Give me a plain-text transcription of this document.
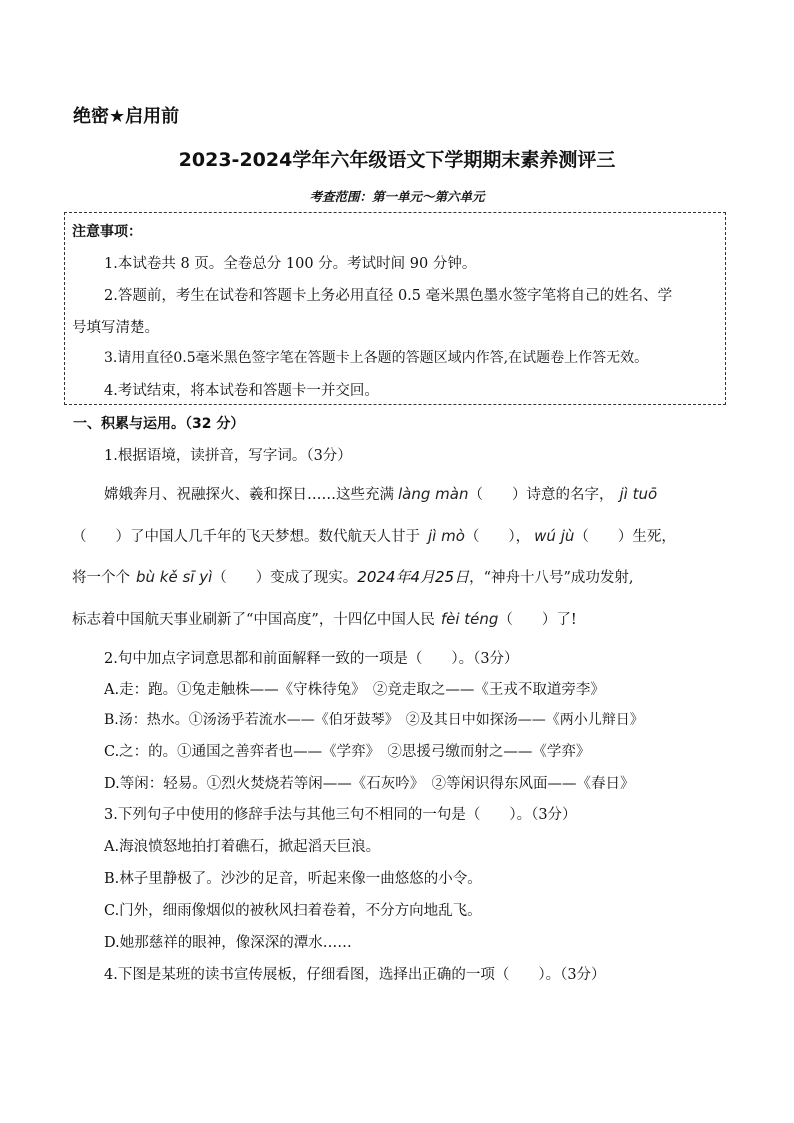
绝密★启用前
2023-2024学年六年级语文下学期期末素养测评三
考查范围：第一单元～第六单元
注意事项：
1.本试卷共 8 页。全卷总分 100 分。考试时间 90 分钟。
2.答题前，考生在试卷和答题卡上务必用直径 0.5 毫米黑色墨水签字笔将自己的姓名、学
号填写清楚。
3.请用直径0.5毫米黑色签字笔在答题卡上各题的答题区域内作答,在试题卷上作答无效。
4.考试结束，将本试卷和答题卡一并交回。
一、积累与运用。（32 分）
1.根据语境，读拼音，写字词。（3分）
嫦娥奔月、祝融探火、羲和探日……这些充满 làng màn（　　）诗意的名字， jì tuō
（　　）了中国人几千年的飞天梦想。数代航天人甘于 jì mò（　　）， wú jù（　　）生死，
将一个个 bù kě sī yì（　　）变成了现实。2024年4月25日，“神舟十八号”成功发射,
标志着中国航天事业刷新了“中国高度”，十四亿中国人民 fèi téng（　　）了!
2.句中加点字词意思都和前面解释一致的一项是（　　）。（3分）
A.走：跑。①兔走触株——《守株待兔》　②竞走取之——《王戎不取道旁李》
B.汤：热水。①汤汤乎若流水——《伯牙鼓琴》　②及其日中如探汤——《两小儿辩日》
C.之：的。①通国之善弈者也——《学弈》　②思援弓缴而射之——《学弈》
D.等闲：轻易。①烈火焚烧若等闲——《石灰吟》　②等闲识得东风面——《春日》
3.下列句子中使用的修辞手法与其他三句不相同的一句是（　　）。（3分）
A.海浪愤怒地拍打着礁石，掀起滔天巨浪。
B.林子里静极了。沙沙的足音，听起来像一曲悠悠的小令。
C.门外，细雨像烟似的被秋风扫着卷着，不分方向地乱飞。
D.她那慈祥的眼神，像深深的潭水……
4.下图是某班的读书宣传展板，仔细看图，选择出正确的一项（　　）。（3分）
